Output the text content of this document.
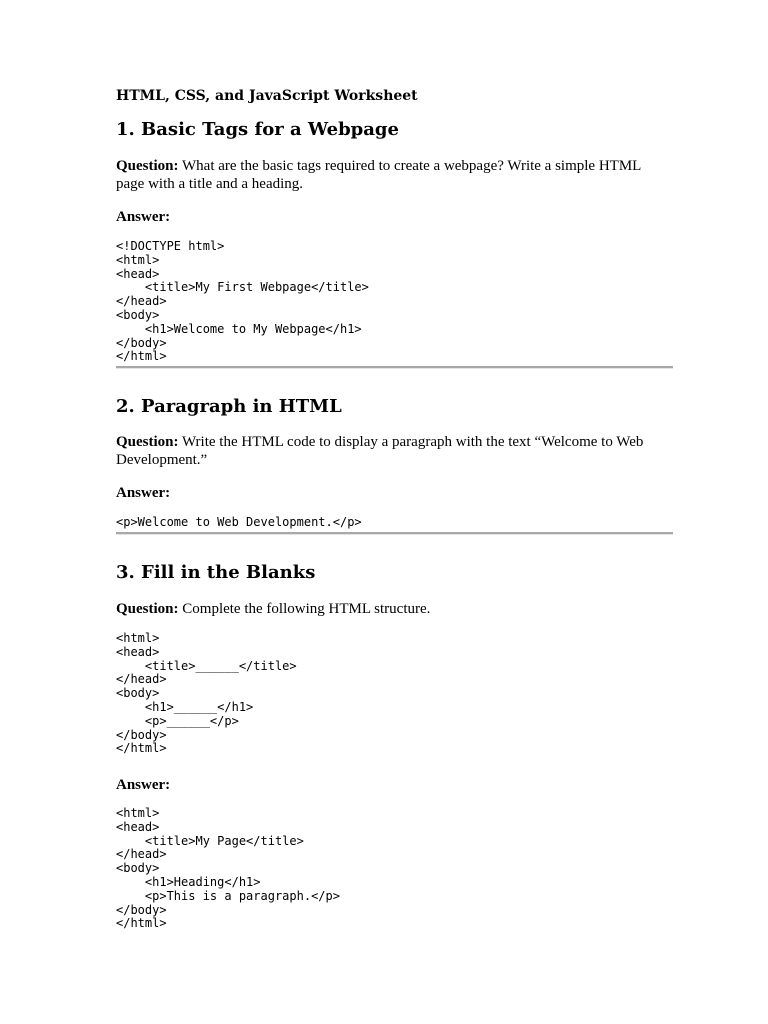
HTML, CSS, and JavaScript Worksheet
1. Basic Tags for a Webpage

Question: What are the basic tags required to create a webpage? Write a simple HTML page with a title and a heading.

Answer:
<!DOCTYPE html>
<html>
<head>
<title>My First Webpage</title>
</head>
<body>
<h1>Welcome to My Webpage</h1>
</body>
</html>
2. Paragraph in HTML

Question: Write the HTML code to display a paragraph with the text “Welcome to Web Development.”

Answer:
<p>Welcome to Web Development.</p>
3. Fill in the Blanks

Question: Complete the following HTML structure.

<html>
<head>
<title>______</title>
</head>
<body>
<h1>______</h1>
<p>______</p>
</body>
</html>
Answer:
<html>
<head>
<title>My Page</title>
</head>
<body>
<h1>Heading</h1>
<p>This is a paragraph.</p>
</body>
</html>
